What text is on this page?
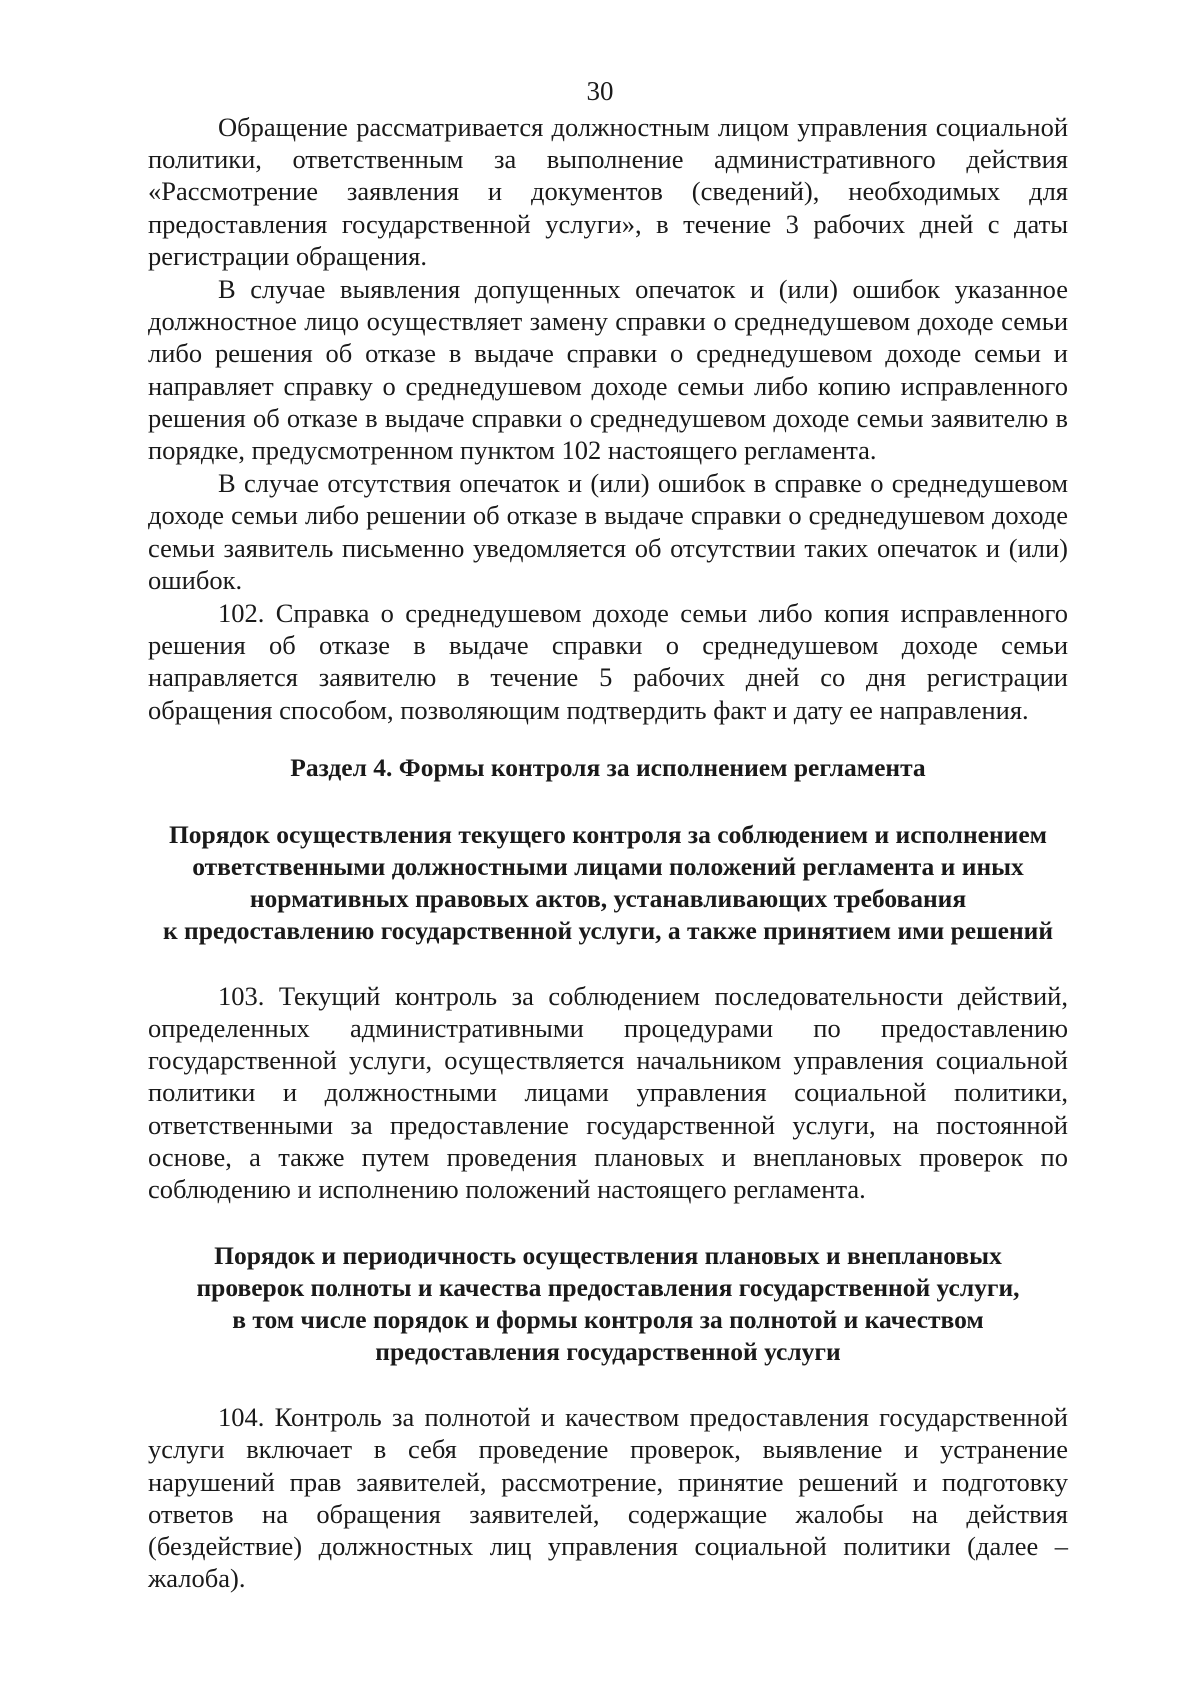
30

Обращение рассматривается должностным лицом управления социальной политики, ответственным за выполнение административного действия «Рассмотрение заявления и документов (сведений), необходимых для предоставления государственной услуги», в течение 3 рабочих дней с даты регистрации обращения.

В случае выявления допущенных опечаток и (или) ошибок указанное должностное лицо осуществляет замену справки о среднедушевом доходе семьи либо решения об отказе в выдаче справки о среднедушевом доходе семьи и направляет справку о среднедушевом доходе семьи либо копию исправленного решения об отказе в выдаче справки о среднедушевом доходе семьи заявителю в порядке, предусмотренном пунктом 102 настоящего регламента.

В случае отсутствия опечаток и (или) ошибок в справке о среднедушевом доходе семьи либо решении об отказе в выдаче справки о среднедушевом доходе семьи заявитель письменно уведомляется об отсутствии таких опечаток и (или) ошибок.

102. Справка о среднедушевом доходе семьи либо копия исправленного решения об отказе в выдаче справки о среднедушевом доходе семьи направляется заявителю в течение 5 рабочих дней со дня регистрации обращения способом, позволяющим подтвердить факт и дату ее направления.

Раздел 4. Формы контроля за исполнением регламента

Порядок осуществления текущего контроля за соблюдением и исполнением
ответственными должностными лицами положений регламента и иных
нормативных правовых актов, устанавливающих требования
к предоставлению государственной услуги, а также принятием ими решений

103. Текущий контроль за соблюдением последовательности действий, определенных административными процедурами по предоставлению государственной услуги, осуществляется начальником управления социальной политики и должностными лицами управления социальной политики, ответственными за предоставление государственной услуги, на постоянной основе, а также путем проведения плановых и внеплановых проверок по соблюдению и исполнению положений настоящего регламента.

Порядок и периодичность осуществления плановых и внеплановых
проверок полноты и качества предоставления государственной услуги,
в том числе порядок и формы контроля за полнотой и качеством
предоставления государственной услуги

104. Контроль за полнотой и качеством предоставления государственной услуги включает в себя проведение проверок, выявление и устранение нарушений прав заявителей, рассмотрение, принятие решений и подготовку ответов на обращения заявителей, содержащие жалобы на действия (бездействие) должностных лиц управления социальной политики (далее – жалоба).
